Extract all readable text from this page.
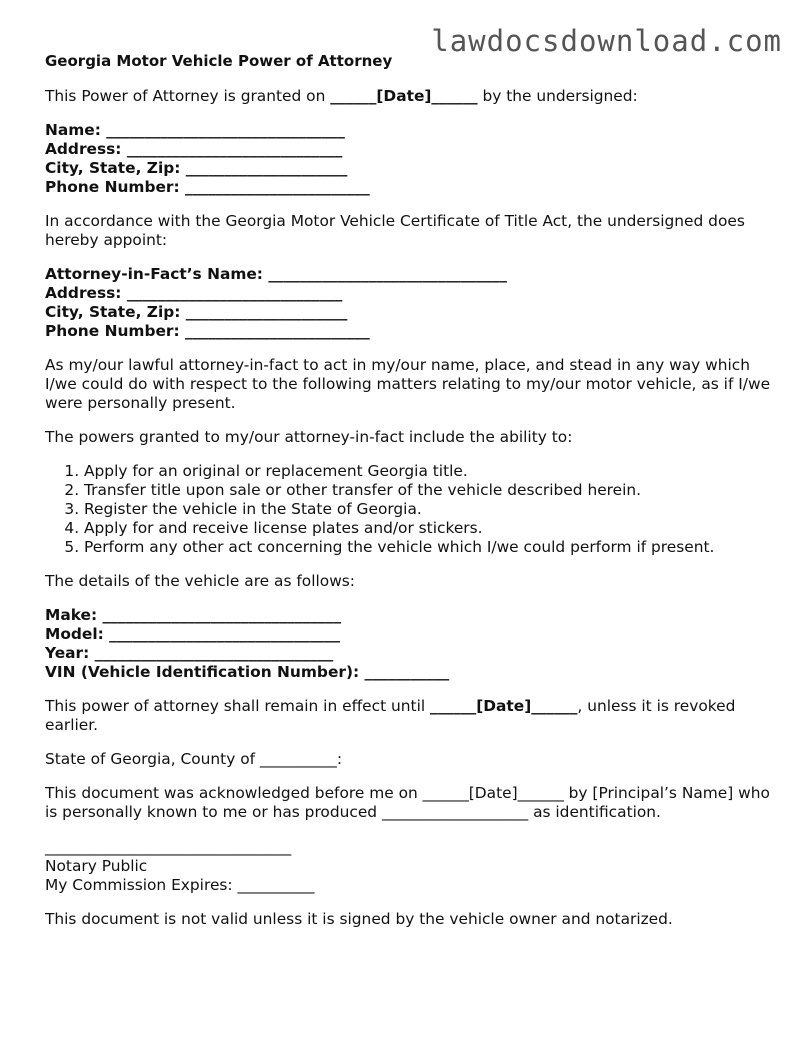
lawdocsdownload.com
Georgia Motor Vehicle Power of Attorney

This Power of Attorney is granted on ______[Date]______ by the undersigned:

Name: _______________________________
Address: ____________________________
City, State, Zip: _____________________
Phone Number: ________________________

In accordance with the Georgia Motor Vehicle Certificate of Title Act, the undersigned does hereby appoint:

Attorney-in-Fact’s Name: _______________________________
Address: ____________________________
City, State, Zip: _____________________
Phone Number: ________________________

As my/our lawful attorney-in-fact to act in my/our name, place, and stead in any way which I/we could do with respect to the following matters relating to my/our motor vehicle, as if I/we were personally present.

The powers granted to my/our attorney-in-fact include the ability to:

1. Apply for an original or replacement Georgia title.
2. Transfer title upon sale or other transfer of the vehicle described herein.
3. Register the vehicle in the State of Georgia.
4. Apply for and receive license plates and/or stickers.
5. Perform any other act concerning the vehicle which I/we could perform if present.

The details of the vehicle are as follows:

Make: _______________________________
Model: ______________________________
Year: _______________________________
VIN (Vehicle Identification Number): ___________

This power of attorney shall remain in effect until ______[Date]______, unless it is revoked earlier.

State of Georgia, County of __________:

This document was acknowledged before me on ______[Date]______ by [Principal’s Name] who is personally known to me or has produced ___________________ as identification.

________________________________
Notary Public
My Commission Expires: __________

This document is not valid unless it is signed by the vehicle owner and notarized.
